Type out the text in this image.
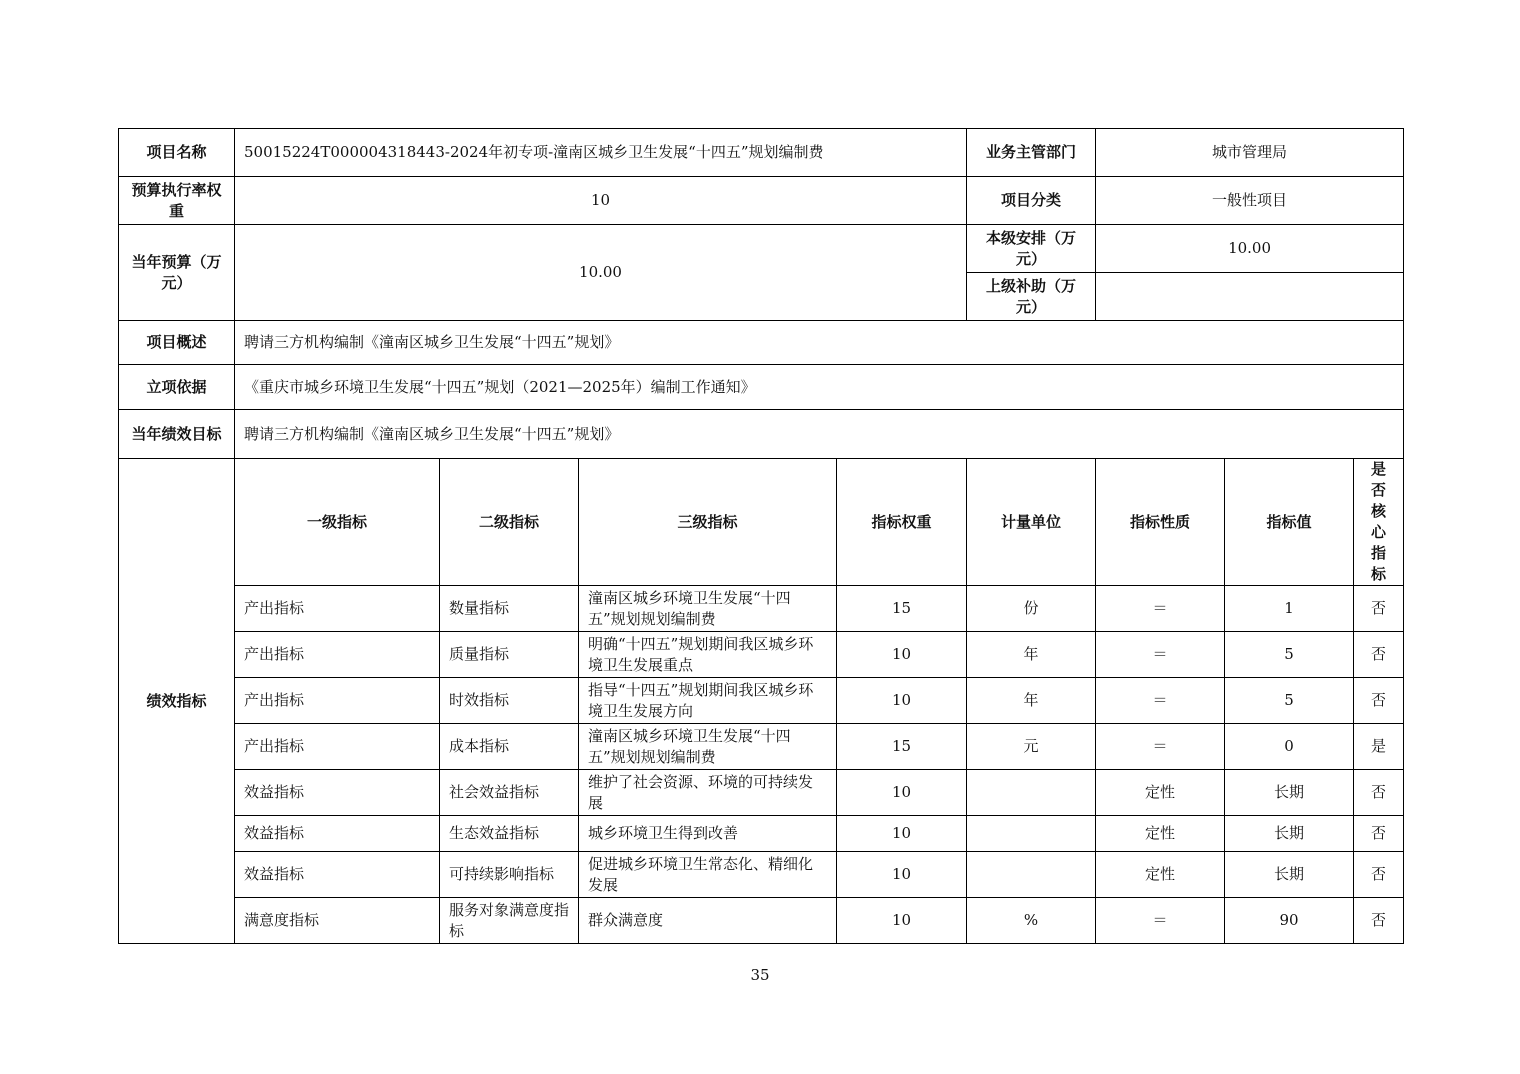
项目名称	50015224T000004318443-2024年初专项-潼南区城乡卫生发展“十四五”规划编制费				业务主管部门	城市管理局		
预算执行率权重	10				项目分类	一般性项目		
当年预算（万元）	10.00				本级安排（万元）	10.00		
					上级补助（万元）			
项目概述	聘请三方机构编制《潼南区城乡卫生发展“十四五”规划》							
立项依据	《重庆市城乡环境卫生发展“十四五”规划（2021—2025年）编制工作通知》							
当年绩效目标	聘请三方机构编制《潼南区城乡卫生发展“十四五”规划》							
绩效指标	一级指标	二级指标	三级指标	指标权重	计量单位	指标性质	指标值	是否核心指标

	产出指标	数量指标	潼南区城乡环境卫生发展“十四五”规划规划编制费	15	份	＝	1	否
	产出指标	质量指标	明确“十四五”规划期间我区城乡环境卫生发展重点	10	年	＝	5	否
	产出指标	时效指标	指导“十四五”规划期间我区城乡环境卫生发展方向	10	年	＝	5	否
	产出指标	成本指标	潼南区城乡环境卫生发展“十四五”规划规划编制费	15	元	＝	0	是
	效益指标	社会效益指标	维护了社会资源、环境的可持续发展	10		定性	长期	否
	效益指标	生态效益指标	城乡环境卫生得到改善	10		定性	长期	否
	效益指标	可持续影响指标	促进城乡环境卫生常态化、精细化发展	10		定性	长期	否
	满意度指标	服务对象满意度指标	群众满意度	10	%	＝	90	否
35
